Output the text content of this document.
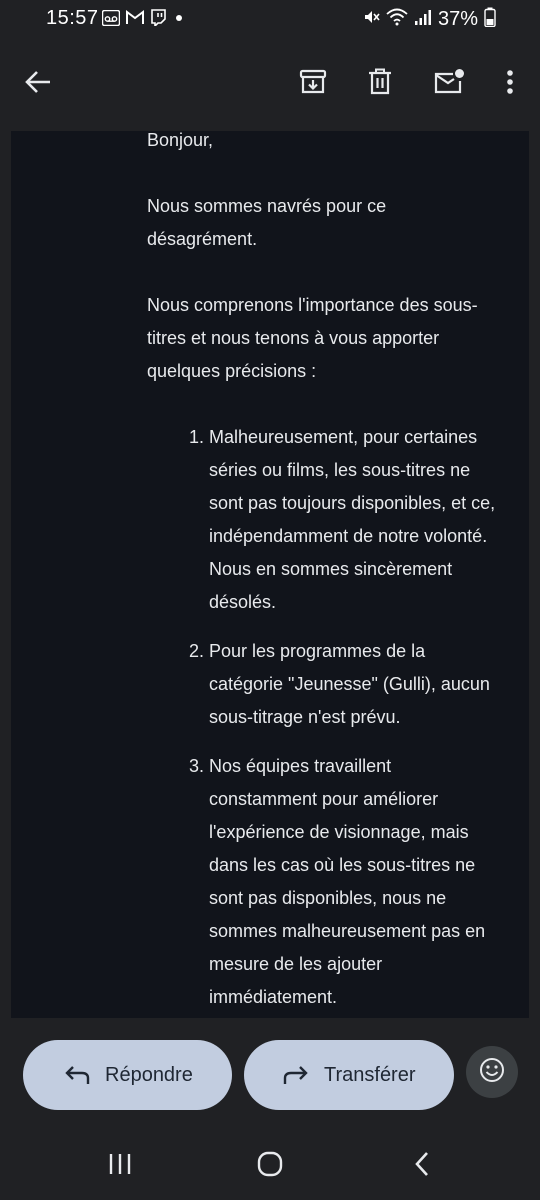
15:57	37%

Bonjour,

Nous sommes navrés pour ce désagrément.

Nous comprenons l'importance des sous-titres et nous tenons à vous apporter quelques précisions :

1. Malheureusement, pour certaines séries ou films, les sous-titres ne sont pas toujours disponibles, et ce, indépendamment de notre volonté. Nous en sommes sincèrement désolés.
2. Pour les programmes de la catégorie "Jeunesse" (Gulli), aucun sous-titrage n'est prévu.
3. Nos équipes travaillent constamment pour améliorer l'expérience de visionnage, mais dans les cas où les sous-titres ne sont pas disponibles, nous ne sommes malheureusement pas en mesure de les ajouter immédiatement.
Répondre	Transférer
